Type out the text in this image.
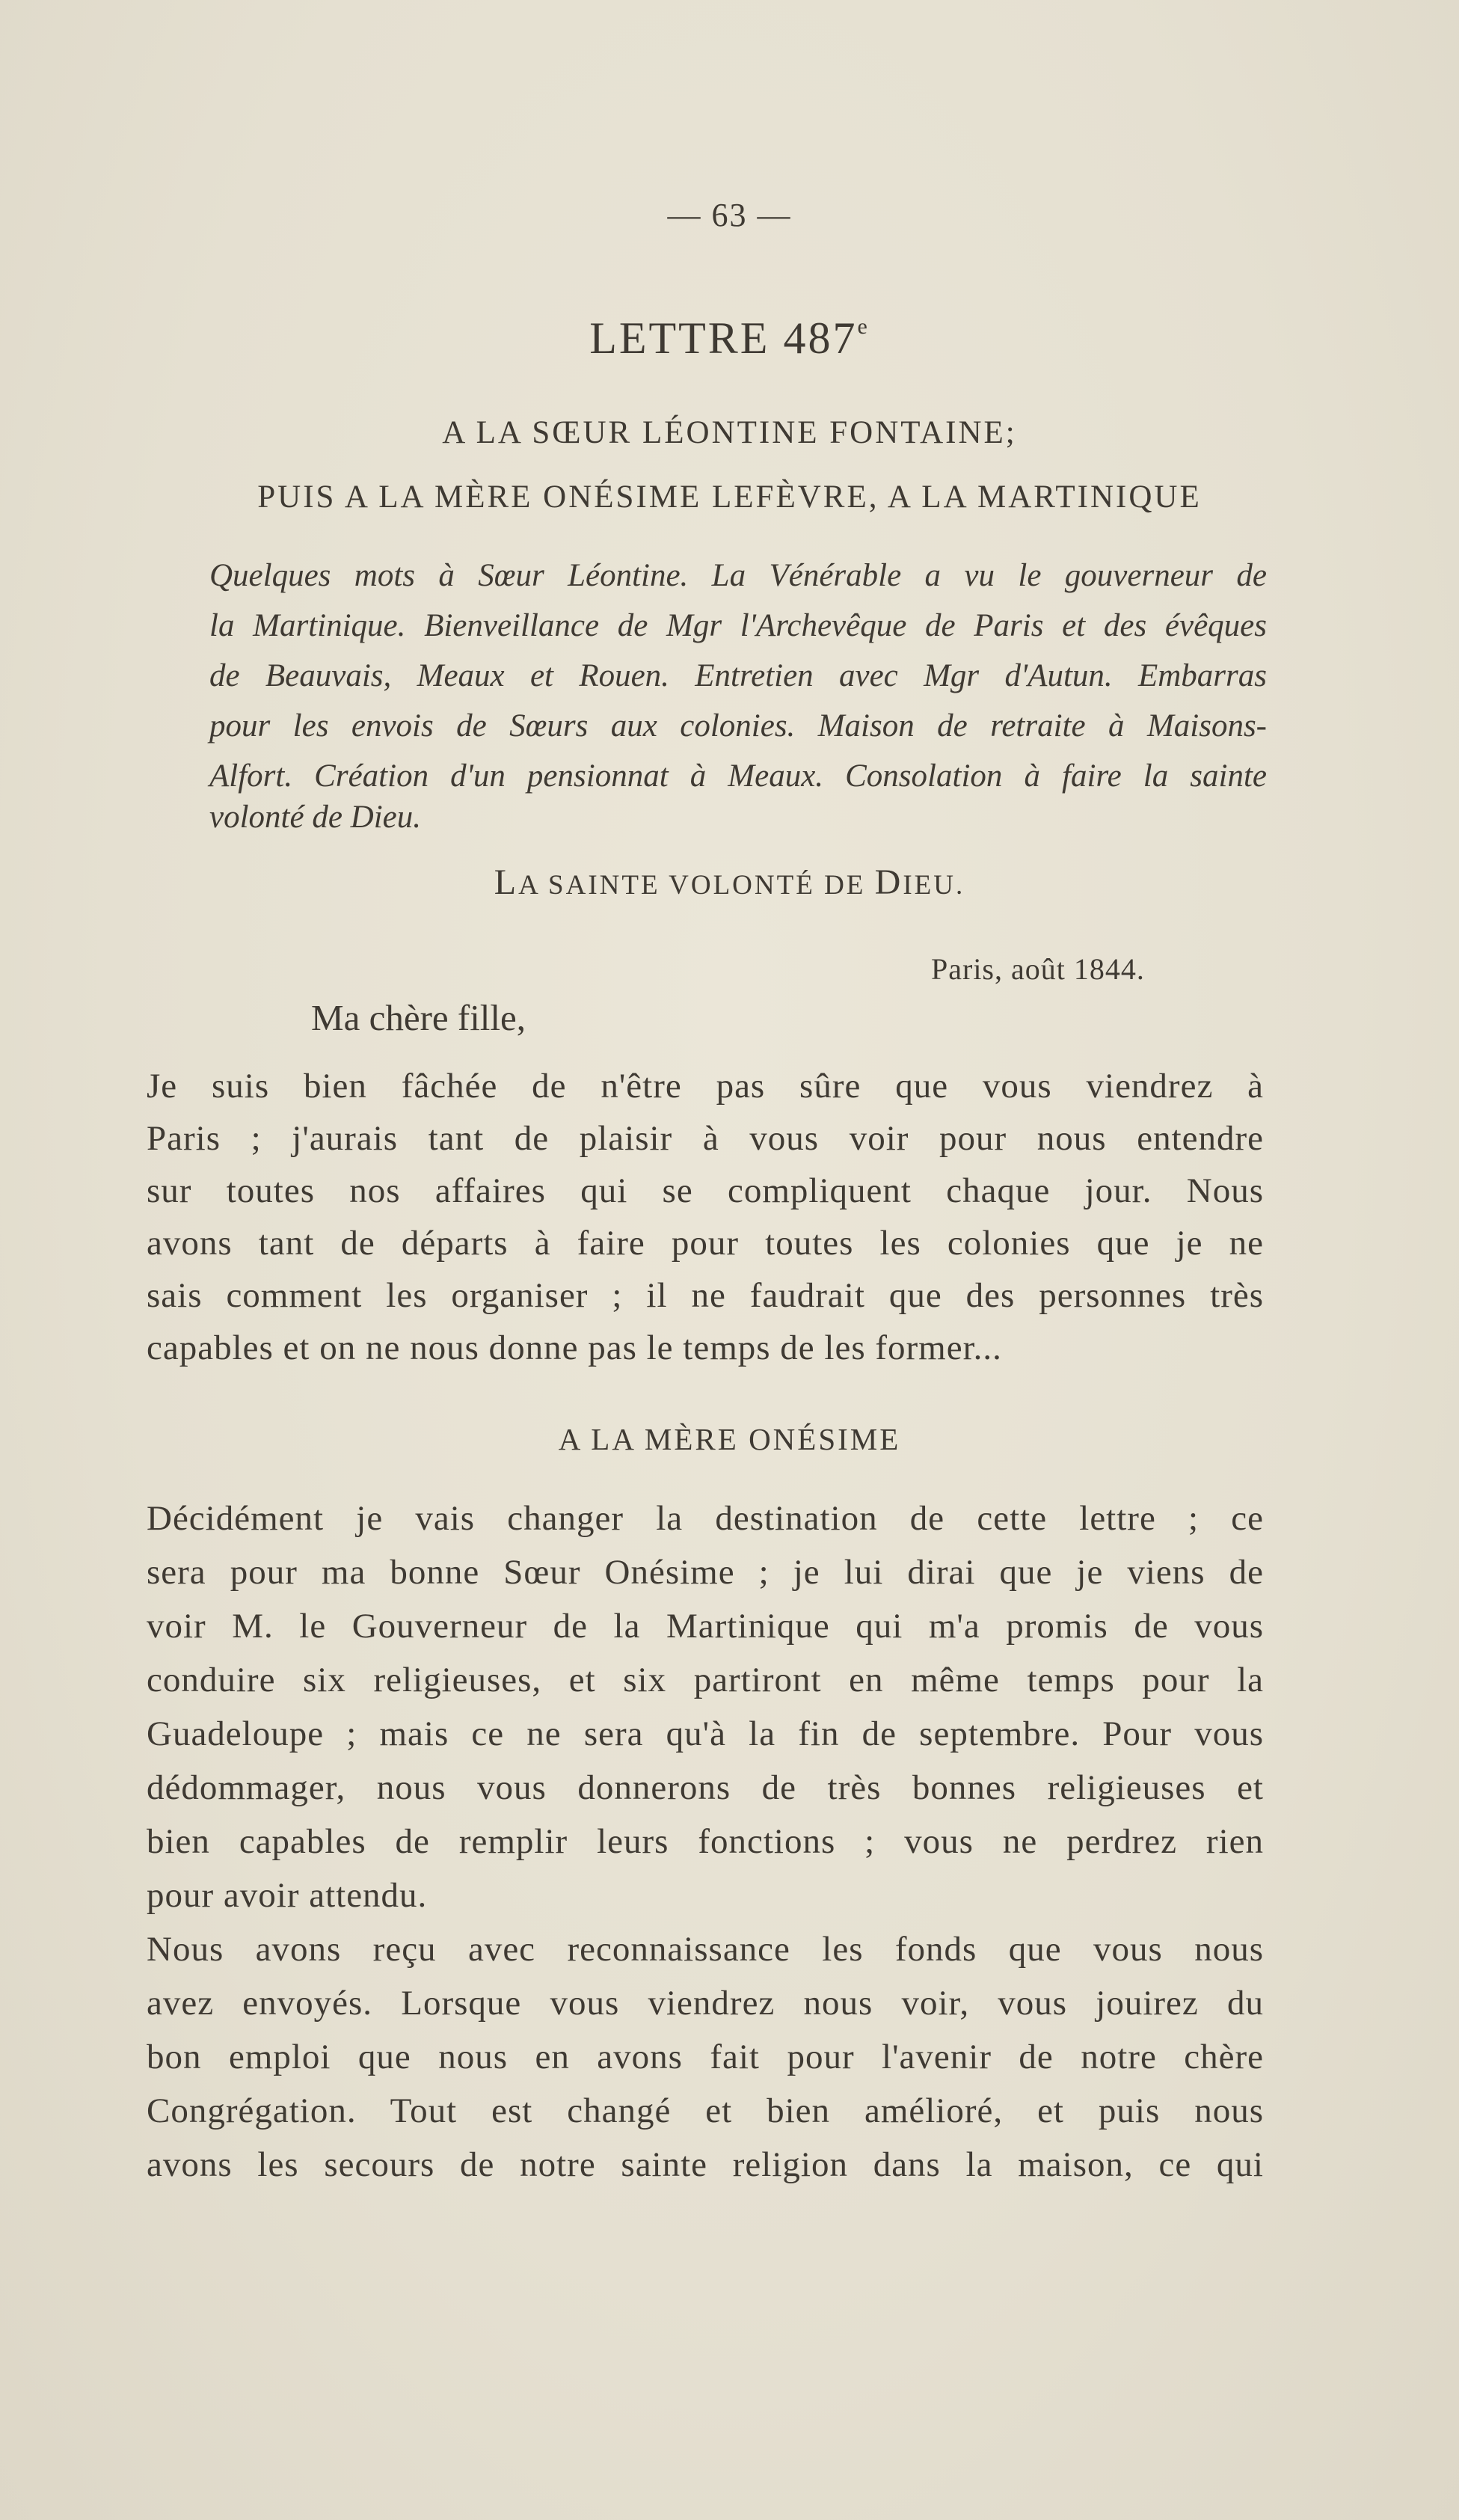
— 63 —

LETTRE 487e

A LA SŒUR LÉONTINE FONTAINE;

PUIS A LA MÈRE ONÉSIME LEFÈVRE, A LA MARTINIQUE

Quelques mots à Sœur Léontine. La Vénérable a vu le gouverneur de

la Martinique. Bienveillance de Mgr l'Archevêque de Paris et des évêques

de Beauvais, Meaux et Rouen. Entretien avec Mgr d'Autun. Embarras

pour les envois de Sœurs aux colonies. Maison de retraite à Maisons-

Alfort. Création d'un pensionnat à Meaux. Consolation à faire la sainte

volonté de Dieu.

LA SAINTE VOLONTÉ DE DIEU.

Paris, août 1844.

Ma chère fille,

Je suis bien fâchée de n'être pas sûre que vous viendrez à

Paris ; j'aurais tant de plaisir à vous voir pour nous entendre

sur toutes nos affaires qui se compliquent chaque jour. Nous

avons tant de départs à faire pour toutes les colonies que je ne

sais comment les organiser ; il ne faudrait que des personnes très

capables et on ne nous donne pas le temps de les former...

A LA MÈRE ONÉSIME

Décidément je vais changer la destination de cette lettre ; ce

sera pour ma bonne Sœur Onésime ; je lui dirai que je viens de

voir M. le Gouverneur de la Martinique qui m'a promis de vous

conduire six religieuses, et six partiront en même temps pour la

Guadeloupe ; mais ce ne sera qu'à la fin de septembre. Pour vous

dédommager, nous vous donnerons de très bonnes religieuses et

bien capables de remplir leurs fonctions ; vous ne perdrez rien

pour avoir attendu.

Nous avons reçu avec reconnaissance les fonds que vous nous

avez envoyés. Lorsque vous viendrez nous voir, vous jouirez du

bon emploi que nous en avons fait pour l'avenir de notre chère

Congrégation. Tout est changé et bien amélioré, et puis nous

avons les secours de notre sainte religion dans la maison, ce qui
